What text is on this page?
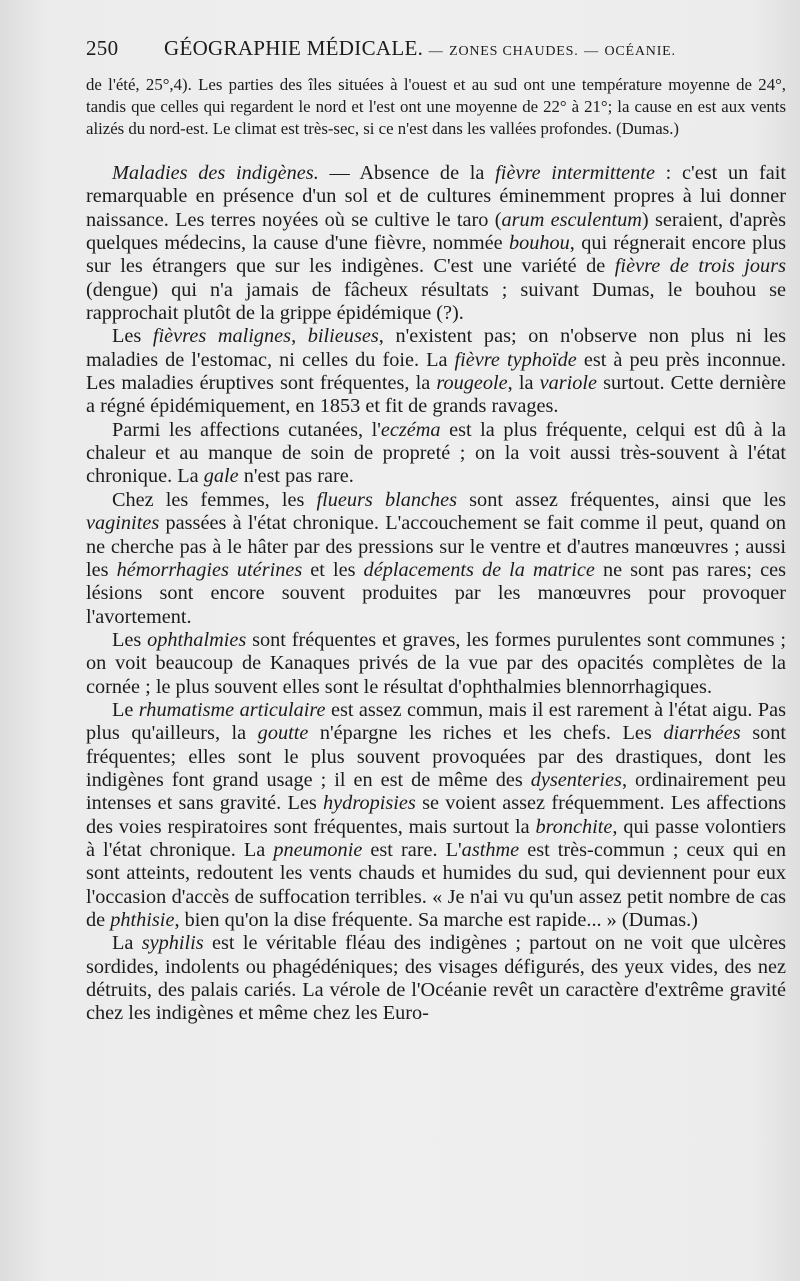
250 GÉOGRAPHIE MÉDICALE. — ZONES CHAUDES. — OCÉANIE.
de l'été, 25°,4). Les parties des îles situées à l'ouest et au sud ont une température moyenne de 24°, tandis que celles qui regardent le nord et l'est ont une moyenne de 22° à 21°; la cause en est aux vents alizés du nord-est. Le climat est très-sec, si ce n'est dans les vallées profondes. (Dumas.)

Maladies des indigènes. — Absence de la fièvre intermittente : c'est un fait remarquable en présence d'un sol et de cultures éminemment propres à lui donner naissance. Les terres noyées où se cultive le taro (arum esculentum) seraient, d'après quelques médecins, la cause d'une fièvre, nommée bouhou, qui régnerait encore plus sur les étrangers que sur les indigènes. C'est une variété de fièvre de trois jours (dengue) qui n'a jamais de fâcheux résultats ; suivant Dumas, le bouhou se rapprochait plutôt de la grippe épidémique (?).

Les fièvres malignes, bilieuses, n'existent pas; on n'observe non plus ni les maladies de l'estomac, ni celles du foie. La fièvre typhoïde est à peu près inconnue. Les maladies éruptives sont fréquentes, la rougeole, la variole surtout. Cette dernière a régné épidémiquement, en 1853 et fit de grands ravages.

Parmi les affections cutanées, l'eczéma est la plus fréquente, celqui est dû à la chaleur et au manque de soin de propreté ; on la voit aussi très-souvent à l'état chronique. La gale n'est pas rare.

Chez les femmes, les flueurs blanches sont assez fréquentes, ainsi que les vaginites passées à l'état chronique. L'accouchement se fait comme il peut, quand on ne cherche pas à le hâter par des pressions sur le ventre et d'autres manœuvres ; aussi les hémorrhagies utérines et les déplacements de la matrice ne sont pas rares; ces lésions sont encore souvent produites par les manœuvres pour provoquer l'avortement.

Les ophthalmies sont fréquentes et graves, les formes purulentes sont communes ; on voit beaucoup de Kanaques privés de la vue par des opacités complètes de la cornée ; le plus souvent elles sont le résultat d'ophthalmies blennorrhagiques.

Le rhumatisme articulaire est assez commun, mais il est rarement à l'état aigu. Pas plus qu'ailleurs, la goutte n'épargne les riches et les chefs. Les diarrhées sont fréquentes; elles sont le plus souvent provoquées par des drastiques, dont les indigènes font grand usage ; il en est de même des dysenteries, ordinairement peu intenses et sans gravité. Les hydropisies se voient assez fréquemment. Les affections des voies respiratoires sont fréquentes, mais surtout la bronchite, qui passe volontiers à l'état chronique. La pneumonie est rare. L'asthme est très-commun ; ceux qui en sont atteints, redoutent les vents chauds et humides du sud, qui deviennent pour eux l'occasion d'accès de suffocation terribles. « Je n'ai vu qu'un assez petit nombre de cas de phthisie, bien qu'on la dise fréquente. Sa marche est rapide... » (Dumas.)

La syphilis est le véritable fléau des indigènes ; partout on ne voit que ulcères sordides, indolents ou phagédéniques; des visages défigurés, des yeux vides, des nez détruits, des palais cariés. La vérole de l'Océanie revêt un caractère d'extrême gravité chez les indigènes et même chez les Euro-
